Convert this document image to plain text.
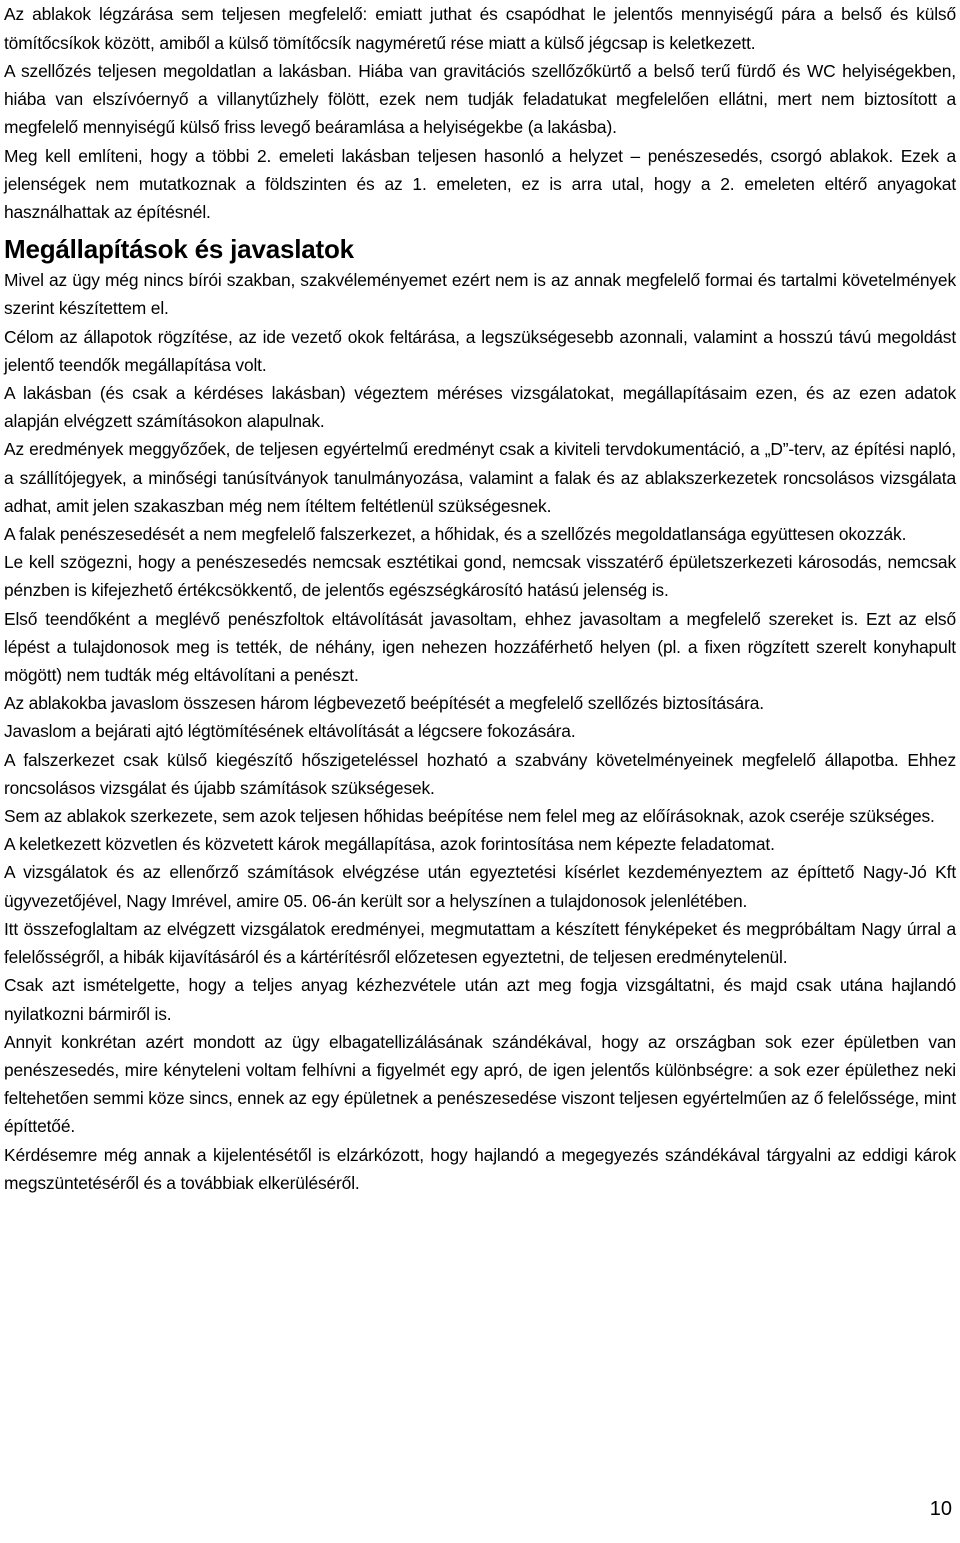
Az ablakok légzárása sem teljesen megfelelő: emiatt juthat és csapódhat le jelentős mennyiségű pára a belső és külső tömítőcsíkok között, amiből a külső tömítőcsík nagyméretű rése miatt a külső jégcsap is keletkezett.

A szellőzés teljesen megoldatlan a lakásban. Hiába van gravitációs szellőzőkürtő a belső terű fürdő és WC helyiségekben, hiába van elszívóernyő a villanytűzhely fölött, ezek nem tudják feladatukat megfelelően ellátni, mert nem biztosított a megfelelő mennyiségű külső friss levegő beáramlása a helyiségekbe (a lakásba).

Meg kell említeni, hogy a többi 2. emeleti lakásban teljesen hasonló a helyzet – penészesedés, csorgó ablakok. Ezek a jelenségek nem mutatkoznak a földszinten és az 1. emeleten, ez is arra utal, hogy a 2. emeleten eltérő anyagokat használhattak az építésnél.

Megállapítások és javaslatok

Mivel az ügy még nincs bírói szakban, szakvéleményemet ezért nem is az annak megfelelő formai és tartalmi követelmények szerint készítettem el.

Célom az állapotok rögzítése, az ide vezető okok feltárása, a legszükségesebb azonnali, valamint a hosszú távú megoldást jelentő teendők megállapítása volt.

A lakásban (és csak a kérdéses lakásban) végeztem méréses vizsgálatokat, megállapításaim ezen, és az ezen adatok alapján elvégzett számításokon alapulnak.

Az eredmények meggyőzőek, de teljesen egyértelmű eredményt csak a kiviteli tervdokumentáció, a „D”-terv, az építési napló, a szállítójegyek, a minőségi tanúsítványok tanulmányozása, valamint a falak és az ablakszerkezetek roncsolásos vizsgálata adhat, amit jelen szakaszban még nem ítéltem feltétlenül szükségesnek.

A falak penészesedését a nem megfelelő falszerkezet, a hőhidak, és a szellőzés megoldatlansága együttesen okozzák.

Le kell szögezni, hogy a penészesedés nemcsak esztétikai gond, nemcsak visszatérő épületszerkezeti károsodás, nemcsak pénzben is kifejezhető értékcsökkentő, de jelentős egészségkárosító hatású jelenség is.

Első teendőként a meglévő penészfoltok eltávolítását javasoltam, ehhez javasoltam a megfelelő szereket is. Ezt az első lépést a tulajdonosok meg is tették, de néhány, igen nehezen hozzáférhető helyen (pl. a fixen rögzített szerelt konyhapult mögött) nem tudták még eltávolítani a penészt.

Az ablakokba javaslom összesen három légbevezető beépítését a megfelelő szellőzés biztosítására.

Javaslom a bejárati ajtó légtömítésének eltávolítását a légcsere fokozására.

A falszerkezet csak külső kiegészítő hőszigeteléssel hozható a szabvány követelményeinek megfelelő állapotba. Ehhez roncsolásos vizsgálat és újabb számítások szükségesek.

Sem az ablakok szerkezete, sem azok teljesen hőhidas beépítése nem felel meg az előírásoknak, azok cseréje szükséges.

A keletkezett közvetlen és közvetett károk megállapítása, azok forintosítása nem képezte feladatomat.

A vizsgálatok és az ellenőrző számítások elvégzése után egyeztetési kísérlet kezdeményeztem az építtető Nagy-Jó Kft ügyvezetőjével, Nagy Imrével, amire 05. 06-án került sor a helyszínen a tulajdonosok jelenlétében.

Itt összefoglaltam az elvégzett vizsgálatok eredményei, megmutattam a készített fényképeket és megpróbáltam Nagy úrral a felelősségről, a hibák kijavításáról és a kártérítésről előzetesen egyeztetni, de teljesen eredménytelenül.

Csak azt ismételgette, hogy a teljes anyag kézhezvétele után azt meg fogja vizsgáltatni, és majd csak utána hajlandó nyilatkozni bármiről is.

Annyit konkrétan azért mondott az ügy elbagatellizálásának szándékával, hogy az országban sok ezer épületben van penészesedés, mire kényteleni voltam felhívni a figyelmét egy apró, de igen jelentős különbségre: a sok ezer épülethez neki feltehetően semmi köze sincs, ennek az egy épületnek a penészesedése viszont teljesen egyértelműen az ő felelőssége, mint építtetőé.

Kérdésemre még annak a kijelentésétől is elzárkózott, hogy hajlandó a megegyezés szándékával tárgyalni az eddigi károk megszüntetéséről és a továbbiak elkerüléséről.

10
